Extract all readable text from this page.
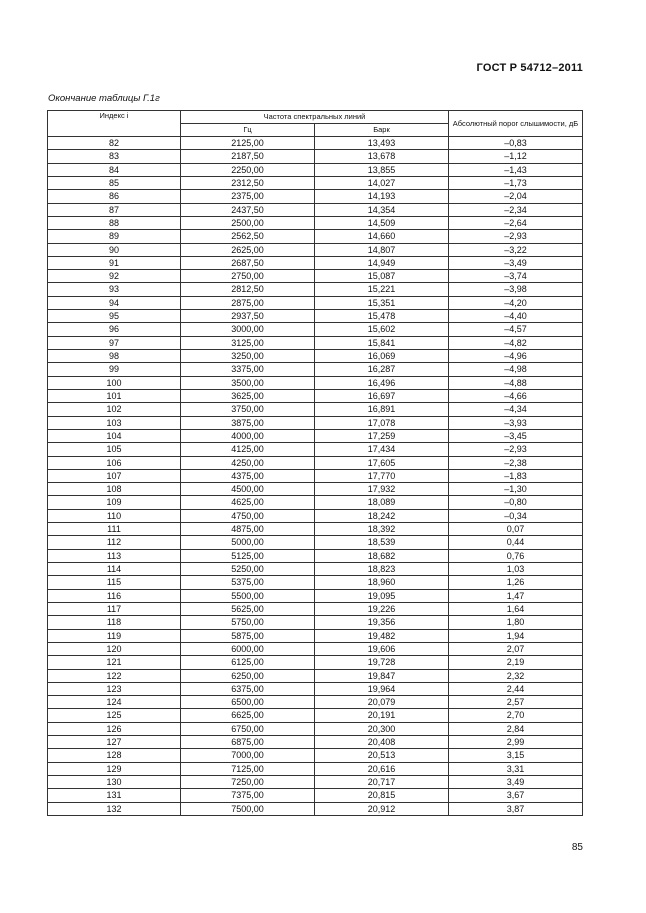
ГОСТ Р 54712–2011
Окончание таблицы Г.1г
Индекс i	Частота спектральных линий		Абсолютный порог слышимости, дБ
	Гц	Барк	
82	2125,00	13,493	–0,83
83	2187,50	13,678	–1,12
84	2250,00	13,855	–1,43
85	2312,50	14,027	–1,73
86	2375,00	14,193	–2,04
87	2437,50	14,354	–2,34
88	2500,00	14,509	–2,64
89	2562,50	14,660	–2,93
90	2625,00	14,807	–3,22
91	2687,50	14,949	–3,49
92	2750,00	15,087	–3,74
93	2812,50	15,221	–3,98
94	2875,00	15,351	–4,20
95	2937,50	15,478	–4,40
96	3000,00	15,602	–4,57
97	3125,00	15,841	–4,82
98	3250,00	16,069	–4,96
99	3375,00	16,287	–4,98
100	3500,00	16,496	–4,88
101	3625,00	16,697	–4,66
102	3750,00	16,891	–4,34
103	3875,00	17,078	–3,93
104	4000,00	17,259	–3,45
105	4125,00	17,434	–2,93
106	4250,00	17,605	–2,38
107	4375,00	17,770	–1,83
108	4500,00	17,932	–1,30
109	4625,00	18,089	–0,80
110	4750,00	18,242	–0,34
111	4875,00	18,392	0,07
112	5000,00	18,539	0,44
113	5125,00	18,682	0,76
114	5250,00	18,823	1,03
115	5375,00	18,960	1,26
116	5500,00	19,095	1,47
117	5625,00	19,226	1,64
118	5750,00	19,356	1,80
119	5875,00	19,482	1,94
120	6000,00	19,606	2,07
121	6125,00	19,728	2,19
122	6250,00	19,847	2,32
123	6375,00	19,964	2,44
124	6500,00	20,079	2,57
125	6625,00	20,191	2,70
126	6750,00	20,300	2,84
127	6875,00	20,408	2,99
128	7000,00	20,513	3,15
129	7125,00	20,616	3,31
130	7250,00	20,717	3,49
131	7375,00	20,815	3,67
132	7500,00	20,912	3,87
85
